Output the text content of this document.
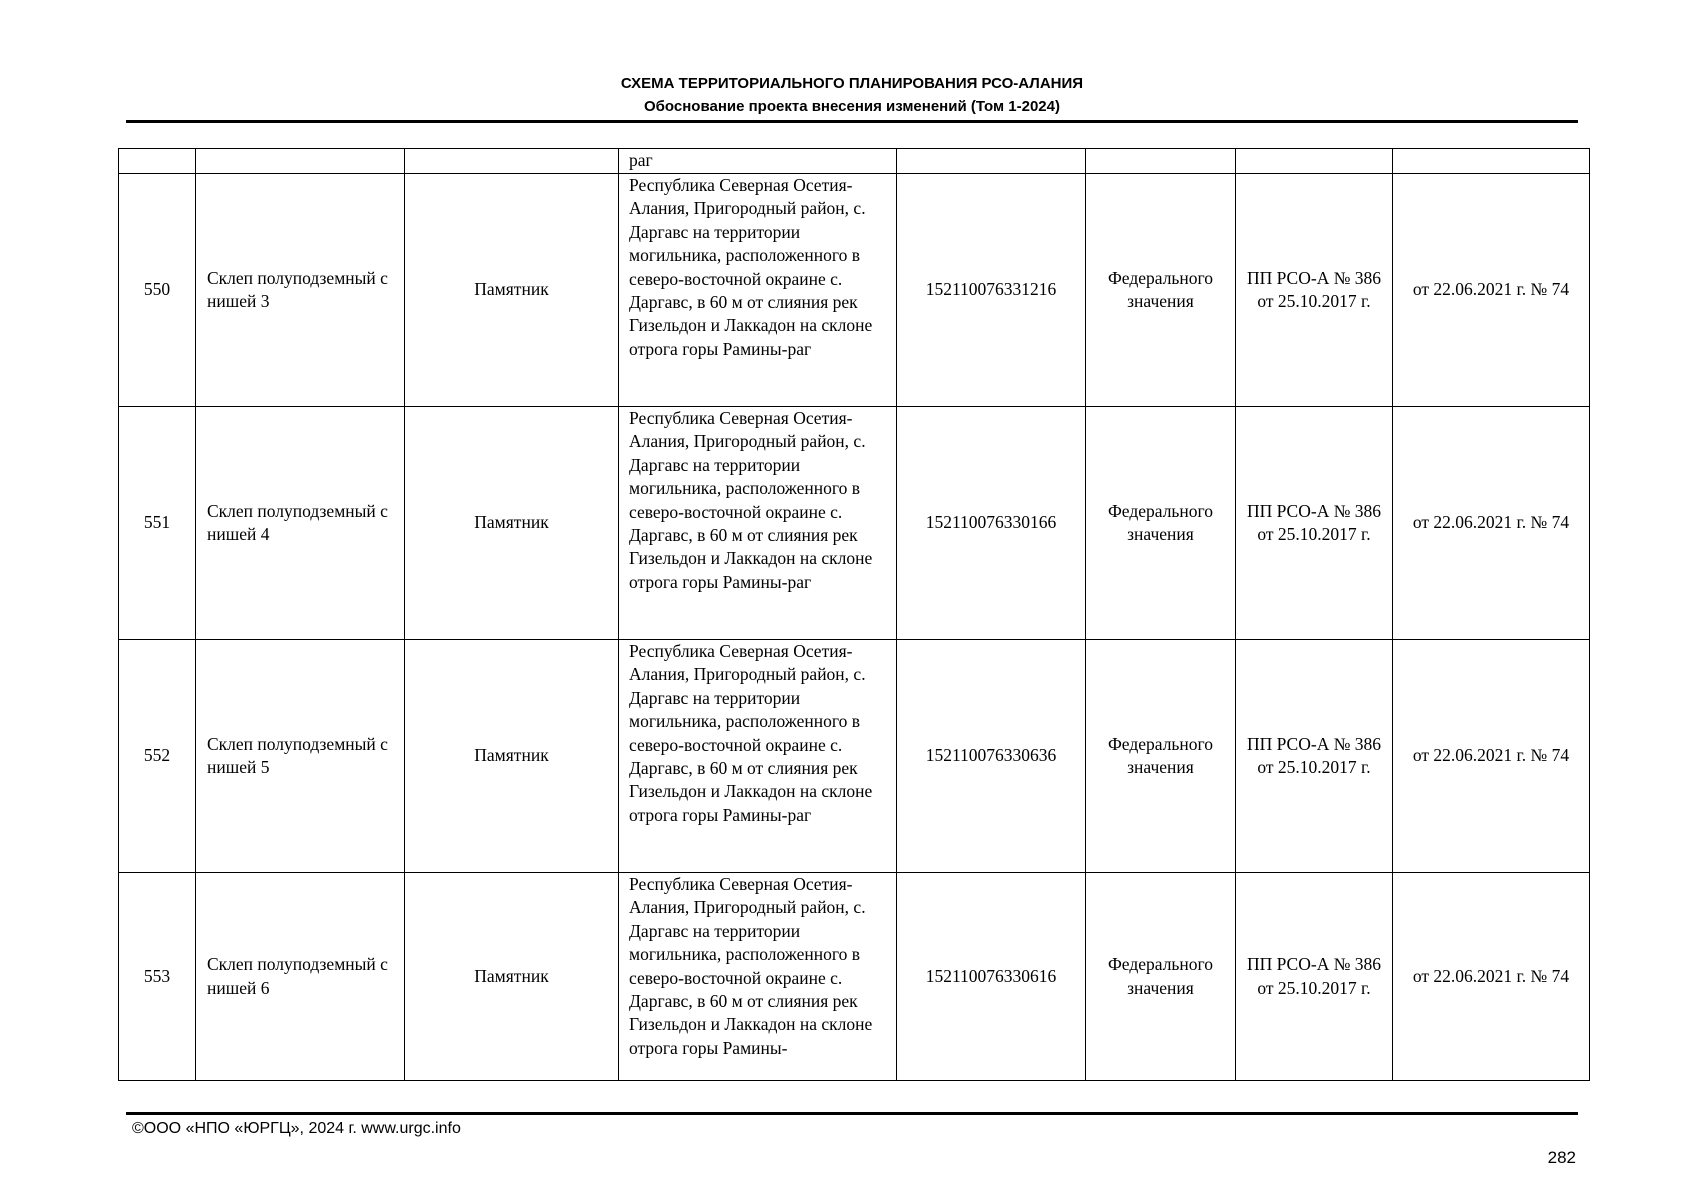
СХЕМА ТЕРРИТОРИАЛЬНОГО ПЛАНИРОВАНИЯ РСО-АЛАНИЯ
Обоснование проекта внесения изменений (Том 1-2024)
			раг				
550	Склеп полуподземный с нишей 3	Памятник	Республика Северная Осетия-Алания, Пригородный район, с. Даргавс на территории могильника, расположенного в северо-восточной окраине с. Даргавс, в 60 м от слияния рек Гизельдон и Лаккадон на склоне отрога горы Рамины-раг	152110076331216	Федерального значения	ПП РСО-А № 386 от 25.10.2017 г.	от 22.06.2021 г. № 74
551	Склеп полуподземный с нишей 4	Памятник	Республика Северная Осетия-Алания, Пригородный район, с. Даргавс на территории могильника, расположенного в северо-восточной окраине с. Даргавс, в 60 м от слияния рек Гизельдон и Лаккадон на склоне отрога горы Рамины-раг	152110076330166	Федерального значения	ПП РСО-А № 386 от 25.10.2017 г.	от 22.06.2021 г. № 74
552	Склеп полуподземный с нишей 5	Памятник	Республика Северная Осетия-Алания, Пригородный район, с. Даргавс на территории могильника, расположенного в северо-восточной окраине с. Даргавс, в 60 м от слияния рек Гизельдон и Лаккадон на склоне отрога горы Рамины-раг	152110076330636	Федерального значения	ПП РСО-А № 386 от 25.10.2017 г.	от 22.06.2021 г. № 74
553	Склеп полуподземный с нишей 6	Памятник	Республика Северная Осетия-Алания, Пригородный район, с. Даргавс на территории могильника, расположенного в северо-восточной окраине с. Даргавс, в 60 м от слияния рек Гизельдон и Лаккадон на склоне отрога горы Рамины-	152110076330616	Федерального значения	ПП РСО-А № 386 от 25.10.2017 г.	от 22.06.2021 г. № 74
©ООО «НПО «ЮРГЦ», 2024 г. www.urgc.info
282
